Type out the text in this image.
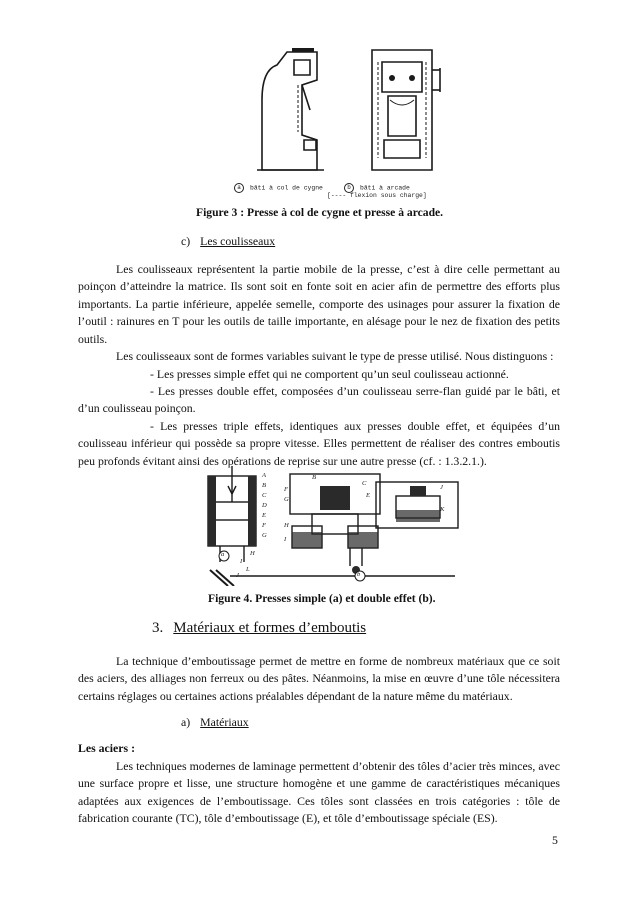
a bâti à col de cygne	b bâti à arcade
[---- flexion sous charge]
Figure 3 : Presse à col de cygne et presse à arcade.
c) Les coulisseaux

Les coulisseaux représentent la partie mobile de la presse, c’est à dire celle permettant au poinçon d’atteindre la matrice. Ils sont soit en fonte soit en acier afin de permettre des efforts plus importants. La partie inférieure, appelée semelle, comporte des usinages pour assurer la fixation de l’outil : rainures en T pour les outils de taille importante, en alésage pour le nez de fixation des petits outils.

Les coulisseaux sont de formes variables suivant le type de presse utilisé. Nous distinguons :

- Les presses simple effet qui ne comportent qu’un seul coulisseau actionné.
- Les presses double effet, composées d’un coulisseau serre-flan guidé par le bâti, et d’un coulisseau poinçon.
- Les presses triple effets, identiques aux presses double effet, et équipées d’un coulisseau inférieur qui possède sa propre vitesse. Elles permettent de réaliser des contres emboutis peu profonds évitant ainsi des opérations de reprise sur une autre presse (cf. : 1.3.2.1.).
A
B
C
D
E
F
G
H
I
L
F
G
B
C
E
H
I
J
K
a
b
J
Figure 4. Presses simple (a) et double effet (b).
3. Matériaux et formes d’emboutis

La technique d’emboutissage permet de mettre en forme de nombreux matériaux que ce soit des aciers, des alliages non ferreux ou des pâtes. Néanmoins, la mise en œuvre d’une tôle nécessitera certains réglages ou certaines actions préalables dépendant de la nature même du matériaux.

a) Matériaux
Les aciers :

Les techniques modernes de laminage permettent d’obtenir des tôles d’acier très minces, avec une surface propre et lisse, une structure homogène et une gamme de caractéristiques mécaniques adaptées aux exigences de l’emboutissage. Ces tôles sont classées en trois catégories : tôle de fabrication courante (TC), tôle d’emboutissage (E), et tôle d’emboutissage spéciale (ES).

5
